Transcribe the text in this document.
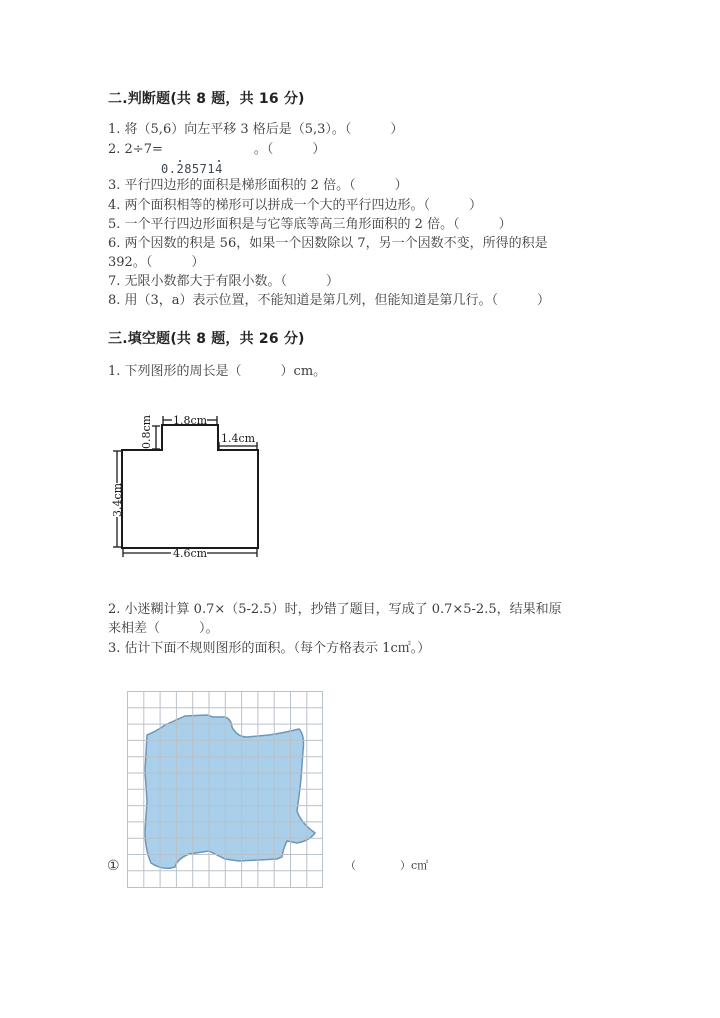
二.判断题(共 8 题，共 16 分)
1. 将（5,6）向左平移 3 格后是（5,3）。（　　　）
2. 2÷7=　　　　　　　。（　　　）
0.285714
3. 平行四边形的面积是梯形面积的 2 倍。（　　　）
4. 两个面积相等的梯形可以拼成一个大的平行四边形。（　　　）
5. 一个平行四边形面积是与它等底等高三角形面积的 2 倍。（　　　）
6. 两个因数的积是 56，如果一个因数除以 7，另一个因数不变，所得的积是
392。（　　　）
7. 无限小数都大于有限小数。（　　　）
8. 用（3，a）表示位置，不能知道是第几列，但能知道是第几行。（　　　）
三.填空题(共 8 题，共 26 分)
1. 下列图形的周长是（　　　）cm。
1.8cm
0.8cm	1.4cm
3.4cm
4.6cm
2. 小迷糊计算 0.7×（5-2.5）时，抄错了题目，写成了 0.7×5-2.5，结果和原
来相差（　　　）。
3. 估计下面不规则图形的面积。（每个方格表示 1c㎡。）
①	（　　　　）c㎡
